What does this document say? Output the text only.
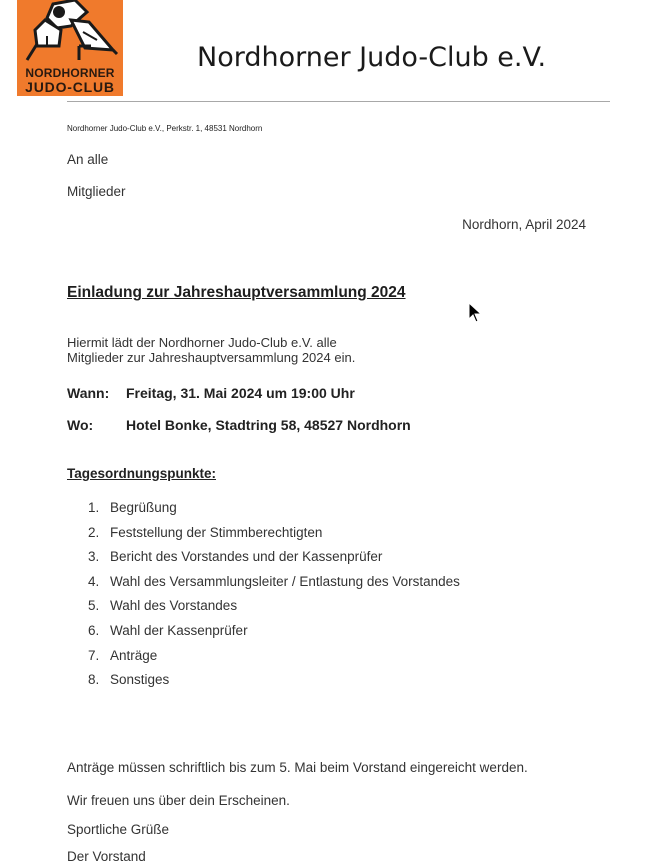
NORDHORNER
JUDO-CLUB
Nordhorner Judo-Club e.V.
Nordhorner Judo-Club e.V., Perkstr. 1, 48531 Nordhorn
An alle
Mitglieder
Nordhorn, April 2024
Einladung zur Jahreshauptversammlung 2024
Hiermit lädt der Nordhorner Judo-Club e.V. alle
Mitglieder zur Jahreshauptversammlung 2024 ein.
Wann: Freitag, 31. Mai 2024 um 19:00 Uhr
Wo: Hotel Bonke, Stadtring 58, 48527 Nordhorn
Tagesordnungspunkte:
1. Begrüßung
2. Feststellung der Stimmberechtigten
3. Bericht des Vorstandes und der Kassenprüfer
4. Wahl des Versammlungsleiter / Entlastung des Vorstandes
5. Wahl des Vorstandes
6. Wahl der Kassenprüfer
7. Anträge
8. Sonstiges
Anträge müssen schriftlich bis zum 5. Mai beim Vorstand eingereicht werden.
Wir freuen uns über dein Erscheinen.
Sportliche Grüße
Der Vorstand
